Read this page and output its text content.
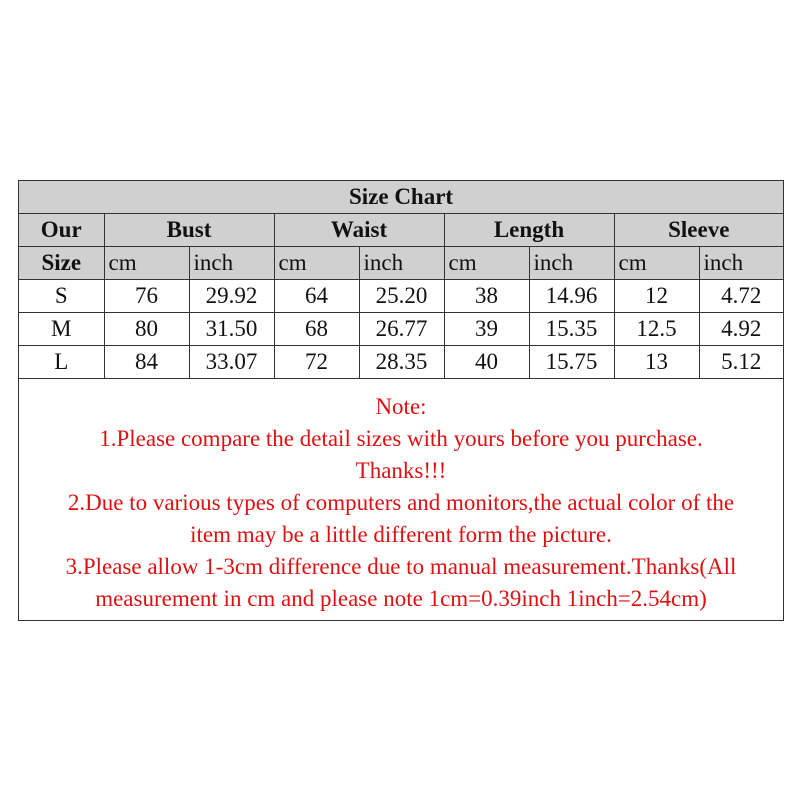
Size Chart								
Our	Bust		Waist		Length		Sleeve	
Size	cm	inch	cm	inch	cm	inch	cm	inch
S	76	29.92	64	25.20	38	14.96	12	4.72
M	80	31.50	68	26.77	39	15.35	12.5	4.92
L	84	33.07	72	28.35	40	15.75	13	5.12
Note:
1.Please compare the detail sizes with yours before you purchase.
Thanks!!!
2.Due to various types of computers and monitors,the actual color of the
item may be a little different form the picture.
3.Please allow 1-3cm difference due to manual measurement.Thanks(All
measurement in cm and please note 1cm=0.39inch 1inch=2.54cm)
